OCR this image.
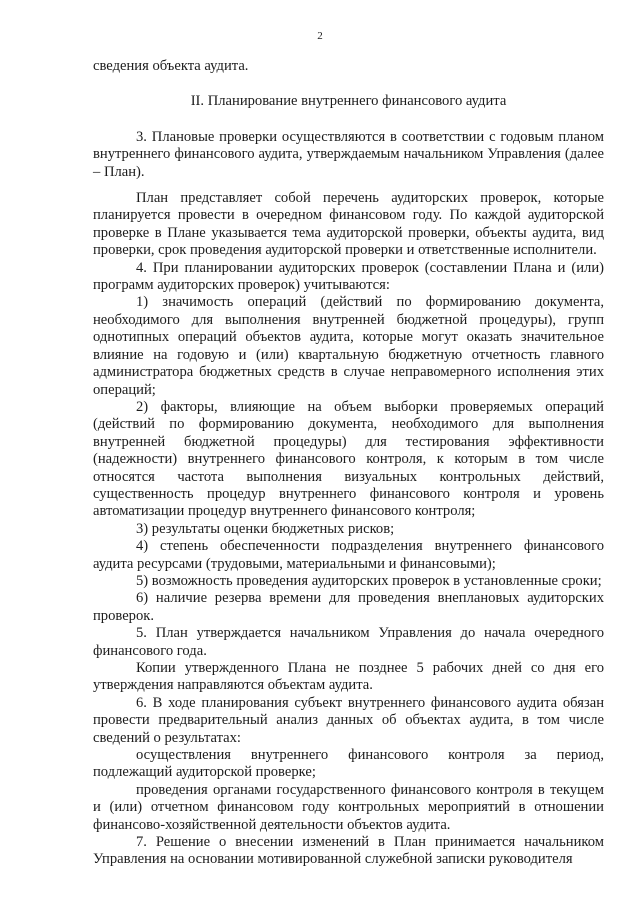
2

сведения объекта аудита.

II. Планирование внутреннего финансового аудита

3. Плановые проверки осуществляются в соответствии с годовым планом внутреннего финансового аудита, утверждаемым начальником Управления (далее – План).

План представляет собой перечень аудиторских проверок, которые планируется провести в очередном финансовом году. По каждой аудиторской проверке в Плане указывается тема аудиторской проверки, объекты аудита, вид проверки, срок проведения аудиторской проверки и ответственные исполнители.

4. При планировании аудиторских проверок (составлении Плана и (или) программ аудиторских проверок) учитываются:

1) значимость операций (действий по формированию документа, необходимого для выполнения внутренней бюджетной процедуры), групп однотипных операций объектов аудита, которые могут оказать значительное влияние на годовую и (или) квартальную бюджетную отчетность главного администратора бюджетных средств в случае неправомерного исполнения этих операций;

2) факторы, влияющие на объем выборки проверяемых операций (действий по формированию документа, необходимого для выполнения внутренней бюджетной процедуры) для тестирования эффективности (надежности) внутреннего финансового контроля, к которым в том числе относятся частота выполнения визуальных контрольных действий, существенность процедур внутреннего финансового контроля и уровень автоматизации процедур внутреннего финансового контроля;

3) результаты оценки бюджетных рисков;

4) степень обеспеченности подразделения внутреннего финансового аудита ресурсами (трудовыми, материальными и финансовыми);

5) возможность проведения аудиторских проверок в установленные сроки;

6) наличие резерва времени для проведения внеплановых аудиторских проверок.

5. План утверждается начальником Управления до начала очередного финансового года.

Копии утвержденного Плана не позднее 5 рабочих дней со дня его утверждения направляются объектам аудита.

6. В ходе планирования субъект внутреннего финансового аудита обязан провести предварительный анализ данных об объектах аудита, в том числе сведений о результатах:

осуществления внутреннего финансового контроля за период, подлежащий аудиторской проверке;

проведения органами государственного финансового контроля в текущем и (или) отчетном финансовом году контрольных мероприятий в отношении финансово-хозяйственной деятельности объектов аудита.

7. Решение о внесении изменений в План принимается начальником Управления на основании мотивированной служебной записки руководителя
